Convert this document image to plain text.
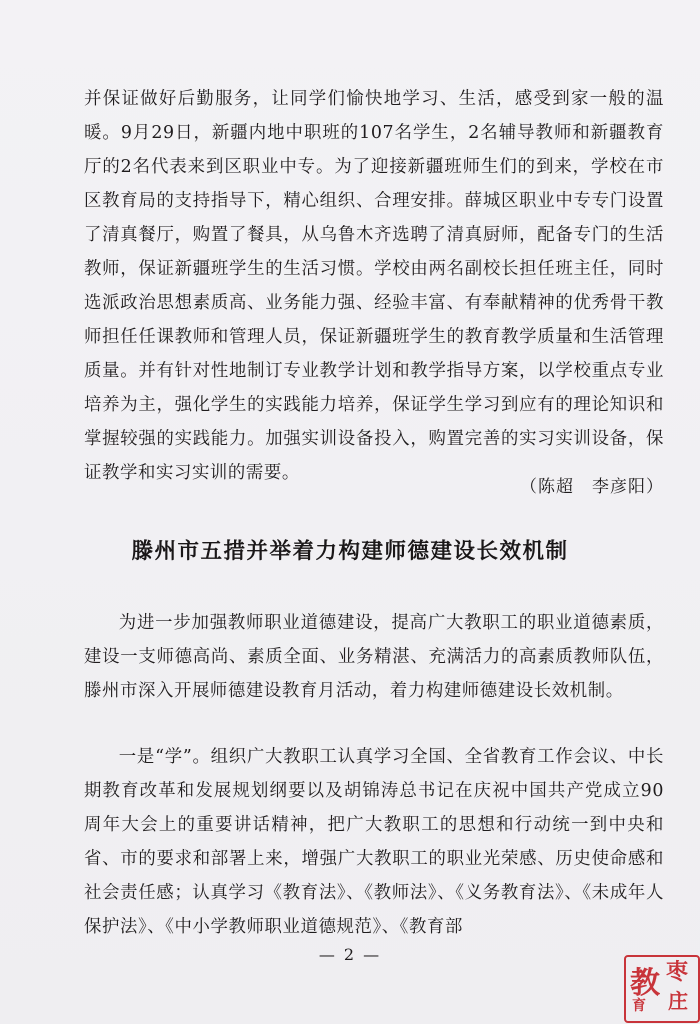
并保证做好后勤服务，让同学们愉快地学习、生活，感受到家一般的温暖。9月29日，新疆内地中职班的107名学生，2名辅导教师和新疆教育厅的2名代表来到区职业中专。为了迎接新疆班师生们的到来，学校在市区教育局的支持指导下，精心组织、合理安排。薛城区职业中专专门设置了清真餐厅，购置了餐具，从乌鲁木齐选聘了清真厨师，配备专门的生活教师，保证新疆班学生的生活习惯。学校由两名副校长担任班主任，同时选派政治思想素质高、业务能力强、经验丰富、有奉献精神的优秀骨干教师担任任课教师和管理人员，保证新疆班学生的教育教学质量和生活管理质量。并有针对性地制订专业教学计划和教学指导方案，以学校重点专业培养为主，强化学生的实践能力培养，保证学生学习到应有的理论知识和掌握较强的实践能力。加强实训设备投入，购置完善的实习实训设备，保证教学和实习实训的需要。

（陈超　李彦阳）
滕州市五措并举着力构建师德建设长效机制

为进一步加强教师职业道德建设，提高广大教职工的职业道德素质，建设一支师德高尚、素质全面、业务精湛、充满活力的高素质教师队伍，滕州市深入开展师德建设教育月活动，着力构建师德建设长效机制。

一是“学”。组织广大教职工认真学习全国、全省教育工作会议、中长期教育改革和发展规划纲要以及胡锦涛总书记在庆祝中国共产党成立90周年大会上的重要讲话精神，把广大教职工的思想和行动统一到中央和省、市的要求和部署上来，增强广大教职工的职业光荣感、历史使命感和社会责任感；认真学习《教育法》、《教师法》、《义务教育法》、《未成年人保护法》、《中小学教师职业道德规范》、《教育部

— 2 —
教 枣
庄
育
